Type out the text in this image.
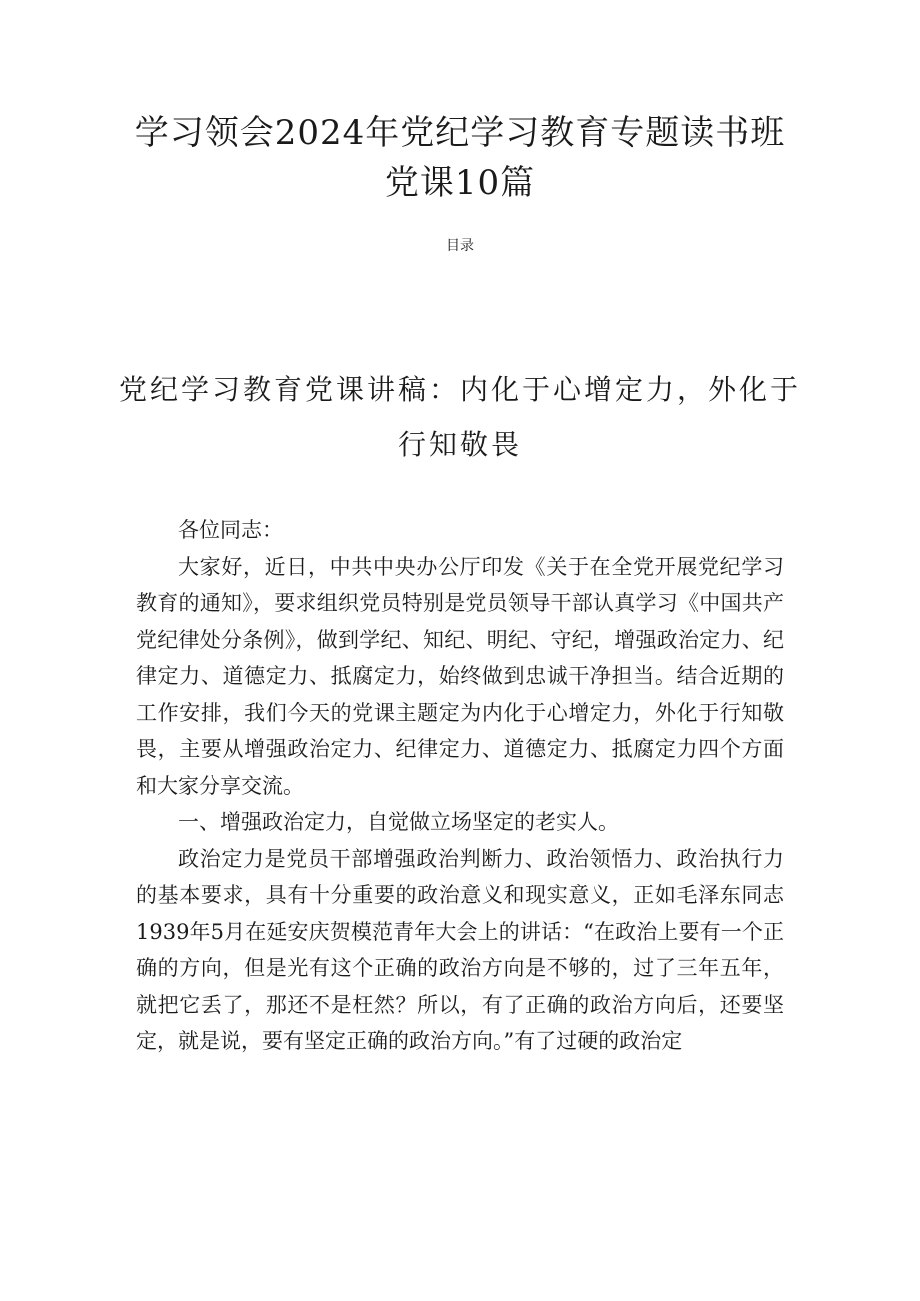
学习领会2024年党纪学习教育专题读书班
党课10篇
目录
党纪学习教育党课讲稿：内化于心增定力，外化于
行知敬畏

各位同志：

大家好，近日，中共中央办公厅印发《关于在全党开展党纪学习教育的通知》，要求组织党员特别是党员领导干部认真学习《中国共产党纪律处分条例》，做到学纪、知纪、明纪、守纪，增强政治定力、纪律定力、道德定力、抵腐定力，始终做到忠诚干净担当。结合近期的工作安排，我们今天的党课主题定为内化于心增定力，外化于行知敬畏，主要从增强政治定力、纪律定力、道德定力、抵腐定力四个方面和大家分享交流。

一、增强政治定力，自觉做立场坚定的老实人。

政治定力是党员干部增强政治判断力、政治领悟力、政治执行力的基本要求，具有十分重要的政治意义和现实意义，正如毛泽东同志1939年5月在延安庆贺模范青年大会上的讲话：“在政治上要有一个正确的方向，但是光有这个正确的政治方向是不够的，过了三年五年，就把它丢了，那还不是枉然？所以，有了正确的政治方向后，还要坚定，就是说，要有坚定正确的政治方向。”有了过硬的政治定
